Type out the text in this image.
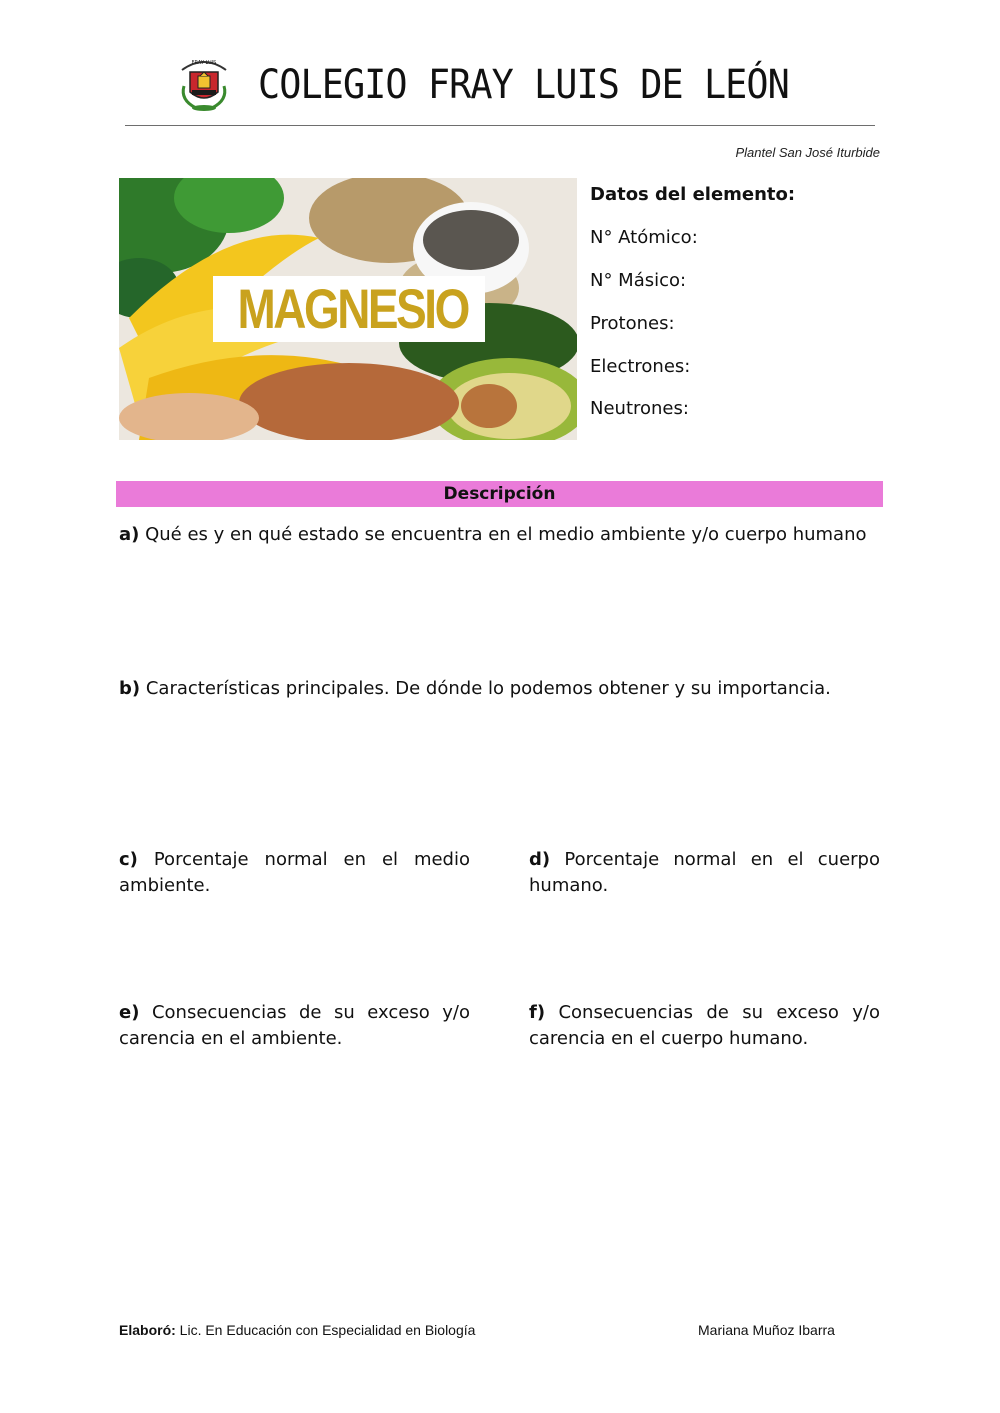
FRAY LUIS COLEGIO FRAY LUIS DE LEÓN
Plantel San José Iturbide
MAGNESIO
Datos del elemento:
N° Atómico:
N° Másico:
Protones:
Electrones:
Neutrones:
Descripción
a) Qué es y en qué estado se encuentra en el medio ambiente y/o cuerpo humano
b) Características principales. De dónde lo podemos obtener y su importancia.
c) Porcentaje normal en el medio ambiente.
d) Porcentaje normal en el cuerpo humano.
e) Consecuencias de su exceso y/o carencia en el ambiente.
f) Consecuencias de su exceso y/o carencia en el cuerpo humano.
Elaboró: Lic. En Educación con Especialidad en Biología	Mariana Muñoz Ibarra
